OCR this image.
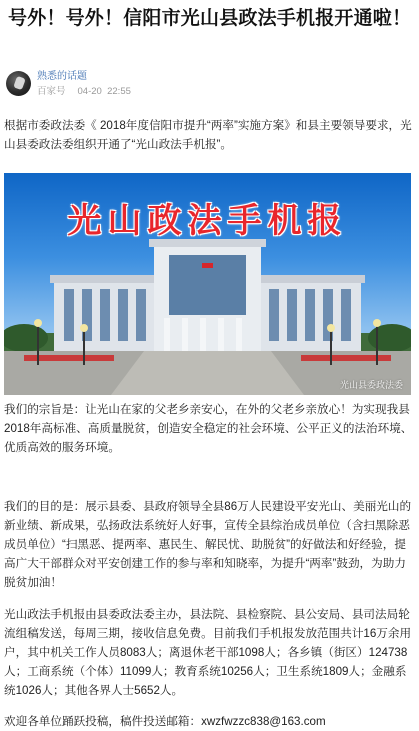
号外！号外！信阳市光山县政法手机报开通啦！
熟悉的话题
百家号 04-20 22:55
根据市委政法委《 2018年度信阳市提升“两率”实施方案》和县主要领导要求，光山县委政法委组织开通了“光山政法手机报”。
光山政法手机报
光山县委政法委
我们的宗旨是：让光山在家的父老乡亲安心，在外的父老乡亲放心！为实现我县2018年高标准、高质量脱贫，创造安全稳定的社会环境、公平正义的法治环境、优质高效的服务环境。
我们的目的是：展示县委、县政府领导全县86万人民建设平安光山、美丽光山的新业绩、新成果，弘扬政法系统好人好事，宣传全县综治成员单位（含扫黑除恶成员单位）“扫黑恶、提两率、惠民生、解民忧、助脱贫”的好做法和好经验，提高广大干部群众对平安创建工作的参与率和知晓率，为提升“两率”鼓劲，为助力脱贫加油！
光山政法手机报由县委政法委主办，县法院、县检察院、县公安局、县司法局轮流组稿发送，每周三期，接收信息免费。目前我们手机报发放范围共计16万余用户，其中机关工作人员8083人；离退休老干部1098人；各乡镇（街区）124738人；工商系统（个体）11099人；教育系统10256人；卫生系统1809人；金融系统1026人；其他各界人士5652人。
欢迎各单位踊跃投稿，稿件投送邮箱：xwzfwzzc838@163.com
